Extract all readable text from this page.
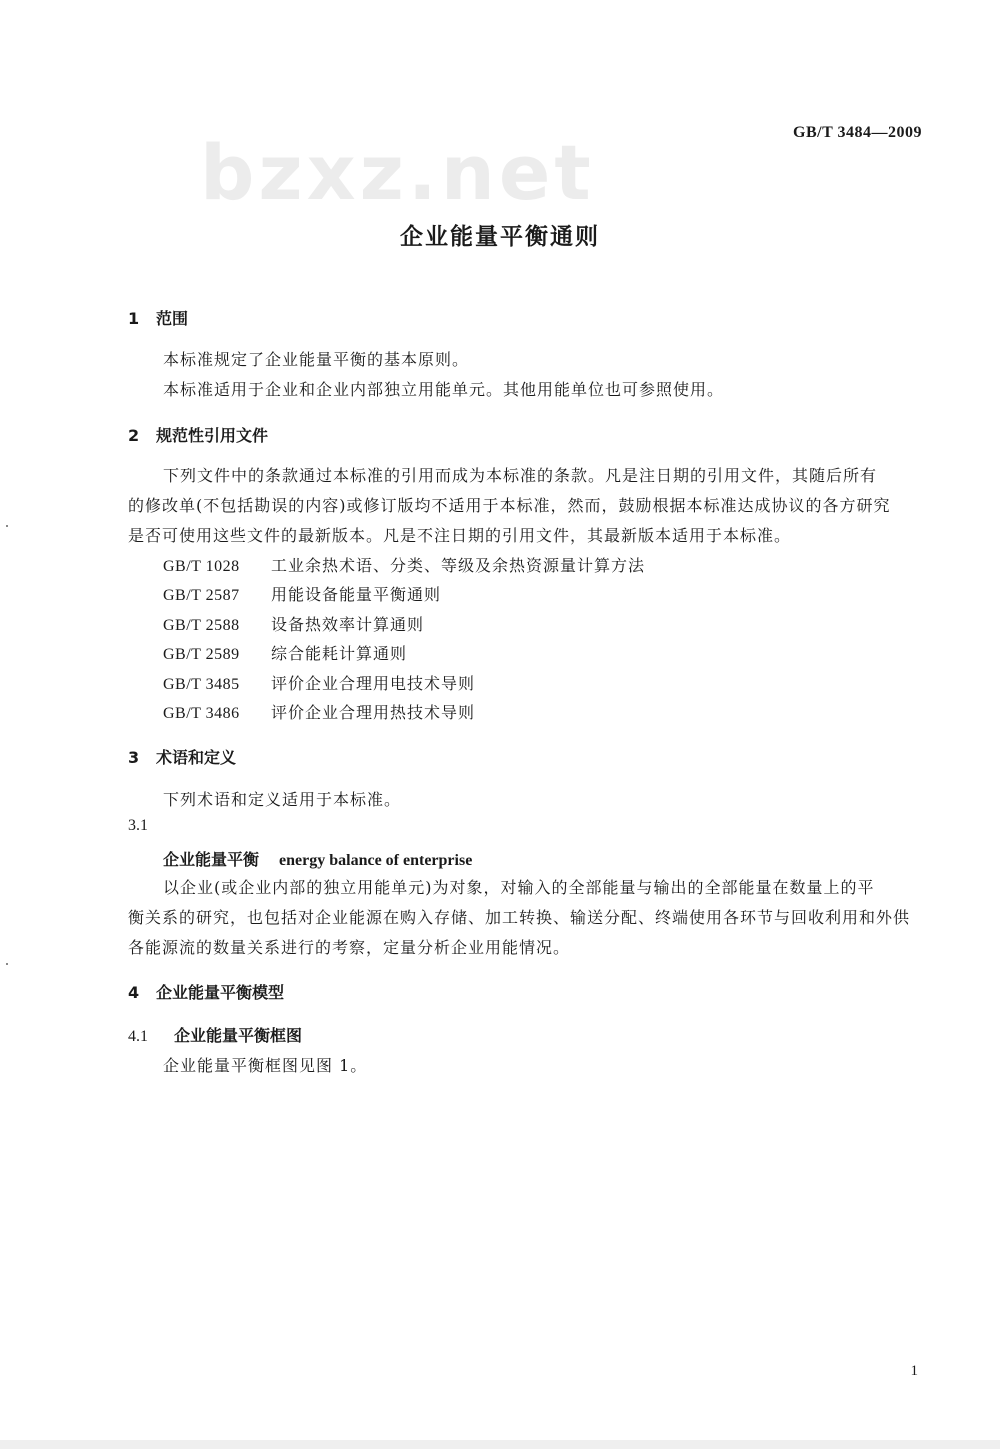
bzxz.net	GB/T 3484—2009
企业能量平衡通则
1 范围
本标准规定了企业能量平衡的基本原则。
本标准适用于企业和企业内部独立用能单元。其他用能单位也可参照使用。
2 规范性引用文件
下列文件中的条款通过本标准的引用而成为本标准的条款。凡是注日期的引用文件，其随后所有
的修改单(不包括勘误的内容)或修订版均不适用于本标准，然而，鼓励根据本标准达成协议的各方研究
是否可使用这些文件的最新版本。凡是不注日期的引用文件，其最新版本适用于本标准。
GB/T 1028 工业余热术语、分类、等级及余热资源量计算方法
GB/T 2587 用能设备能量平衡通则
GB/T 2588 设备热效率计算通则
GB/T 2589 综合能耗计算通则
GB/T 3485 评价企业合理用电技术导则
GB/T 3486 评价企业合理用热技术导则
3 术语和定义
下列术语和定义适用于本标准。
3.1
企业能量平衡 energy balance of enterprise
以企业(或企业内部的独立用能单元)为对象，对输入的全部能量与输出的全部能量在数量上的平
衡关系的研究，也包括对企业能源在购入存储、加工转换、输送分配、终端使用各环节与回收利用和外供
各能源流的数量关系进行的考察，定量分析企业用能情况。
4 企业能量平衡模型
4.1 企业能量平衡框图
企业能量平衡框图见图 1。
1
